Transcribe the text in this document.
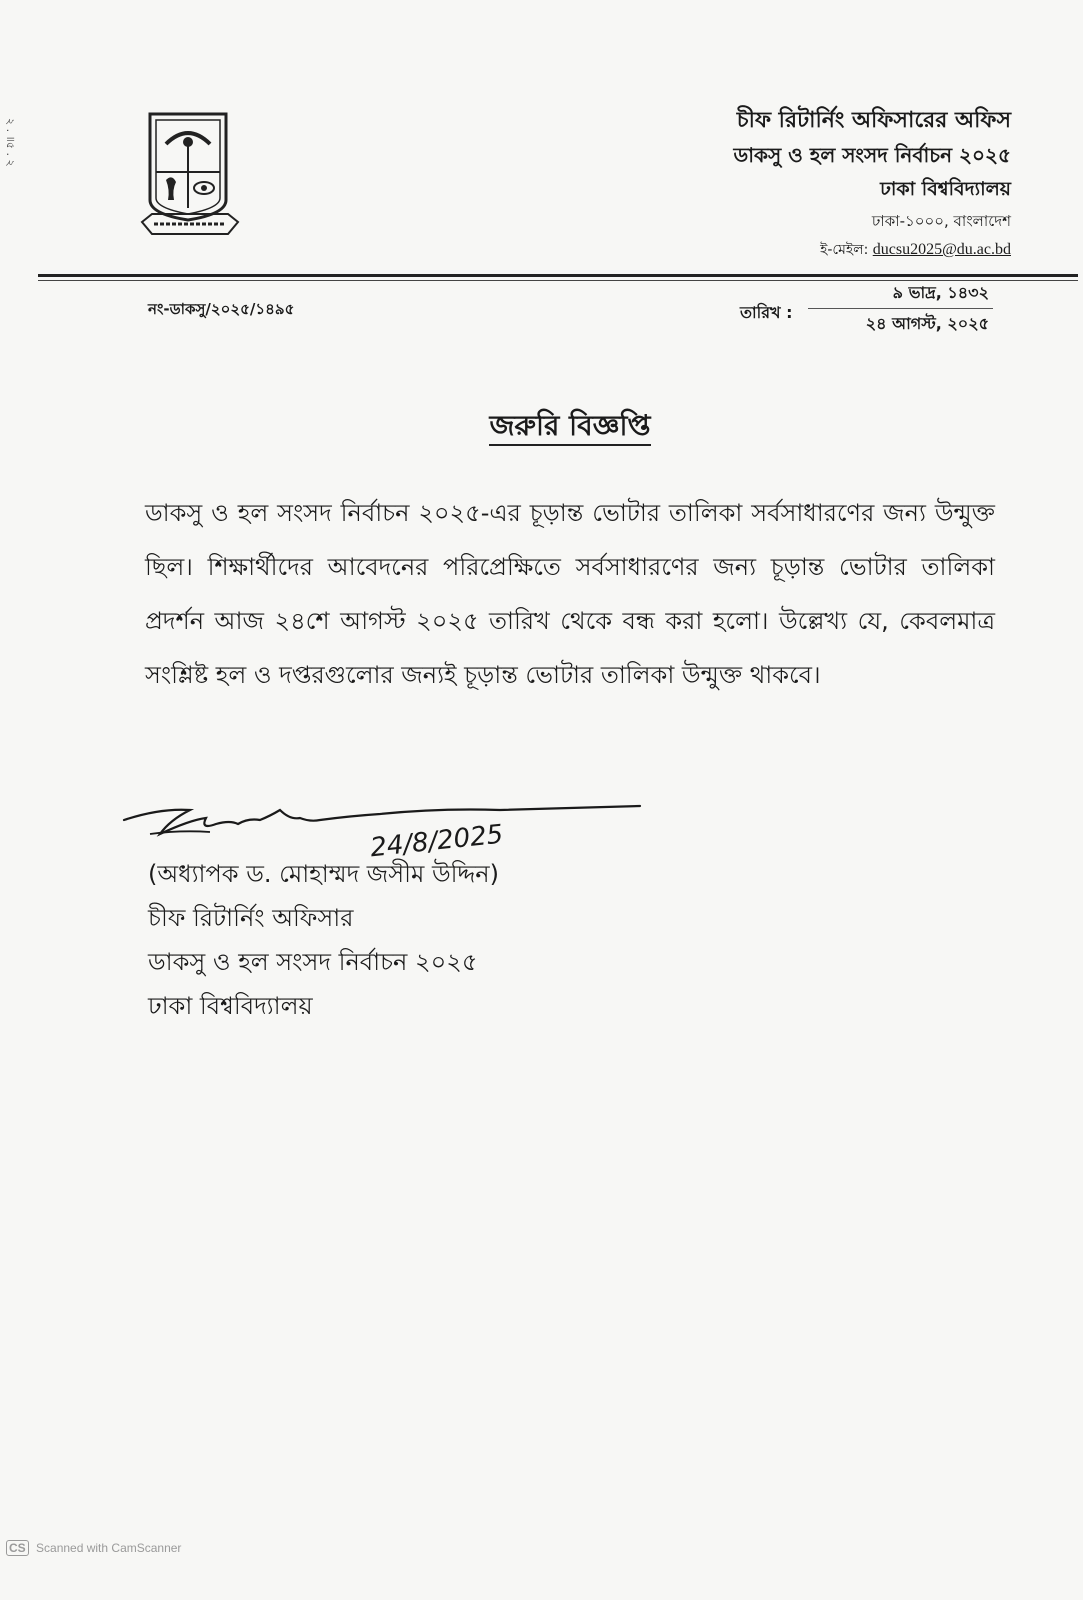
২ . ॥৫ . ২	চীফ রিটার্নিং অফিসারের অফিস
ডাকসু ও হল সংসদ নির্বাচন ২০২৫
ঢাকা বিশ্ববিদ্যালয়
ঢাকা-১০০০, বাংলাদেশ
ই-মেইল: ducsu2025@du.ac.bd
নং-ডাকসু/২০২৫/১৪৯৫	তারিখ :
৯ ভাদ্র, ১৪৩২
২৪ আগস্ট, ২০২৫
জরুরি বিজ্ঞপ্তি
ডাকসু ও হল সংসদ নির্বাচন ২০২৫-এর চূড়ান্ত ভোটার তালিকা সর্বসাধারণের জন্য উন্মুক্ত ছিল। শিক্ষার্থীদের আবেদনের পরিপ্রেক্ষিতে সর্বসাধারণের জন্য চূড়ান্ত ভোটার তালিকা প্রদর্শন আজ ২৪শে আগস্ট ২০২৫ তারিখ থেকে বন্ধ করা হলো। উল্লেখ্য যে, কেবলমাত্র সংশ্লিষ্ট হল ও দপ্তরগুলোর জন্যই চূড়ান্ত ভোটার তালিকা উন্মুক্ত থাকবে।
24/8/2025
(অধ্যাপক ড. মোহাম্মদ জসীম উদ্দিন)
চীফ রিটার্নিং অফিসার
ডাকসু ও হল সংসদ নির্বাচন ২০২৫
ঢাকা বিশ্ববিদ্যালয়
CS Scanned with CamScanner
